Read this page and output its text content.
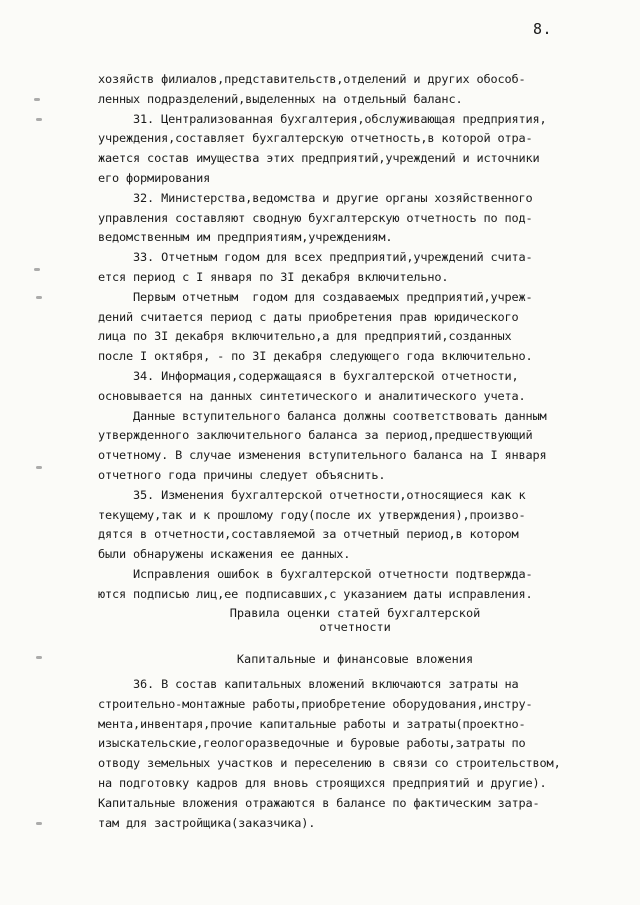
8.
хозяйств филиалов,представительств,отделений и других обособ-
ленных подразделений,выделенных на отдельный баланс.
31. Централизованная бухгалтерия,обслуживающая предприятия,
учреждения,составляет бухгалтерскую отчетность,в которой отра-
жается состав имущества этих предприятий,учреждений и источники
его формирования
32. Министерства,ведомства и другие органы хозяйственного
управления составляют сводную бухгалтерскую отчетность по под-
ведомственным им предприятиям,учреждениям.
33. Отчетным годом для всех предприятий,учреждений счита-
ется период с I января по 3I декабря включительно.
Первым отчетным  годом для создаваемых предприятий,учреж-
дений считается период с даты приобретения прав юридического
лица по 3I декабря включительно,а для предприятий,созданных
после I октября, - по 3I декабря следующего года включительно.
34. Информация,содержащаяся в бухгалтерской отчетности,
основывается на данных синтетического и аналитического учета.
Данные вступительного баланса должны соответствовать данным
утвержденного заключительного баланса за период,предшествующий
отчетному. В случае изменения вступительного баланса на I января
отчетного года причины следует объяснить.
35. Изменения бухгалтерской отчетности,относящиеся как к
текущему,так и к прошлому году(после их утверждения),произво-
дятся в отчетности,составляемой за отчетный период,в котором
были обнаружены искажения ее данных.
Исправления ошибок в бухгалтерской отчетности подтвержда-
ются подписью лиц,ее подписавших,с указанием даты исправления.
Правила оценки статей бухгалтерской
отчетности
Капитальные и финансовые вложения
36. В состав капитальных вложений включаются затраты на
строительно-монтажные работы,приобретение оборудования,инстру-
мента,инвентаря,прочие капитальные работы и затраты(проектно-
изыскательские,геологоразведочные и буровые работы,затраты по
отводу земельных участков и переселению в связи со строительством,
на подготовку кадров для вновь строящихся предприятий и другие).
Капитальные вложения отражаются в балансе по фактическим затра-
там для застройщика(заказчика).
